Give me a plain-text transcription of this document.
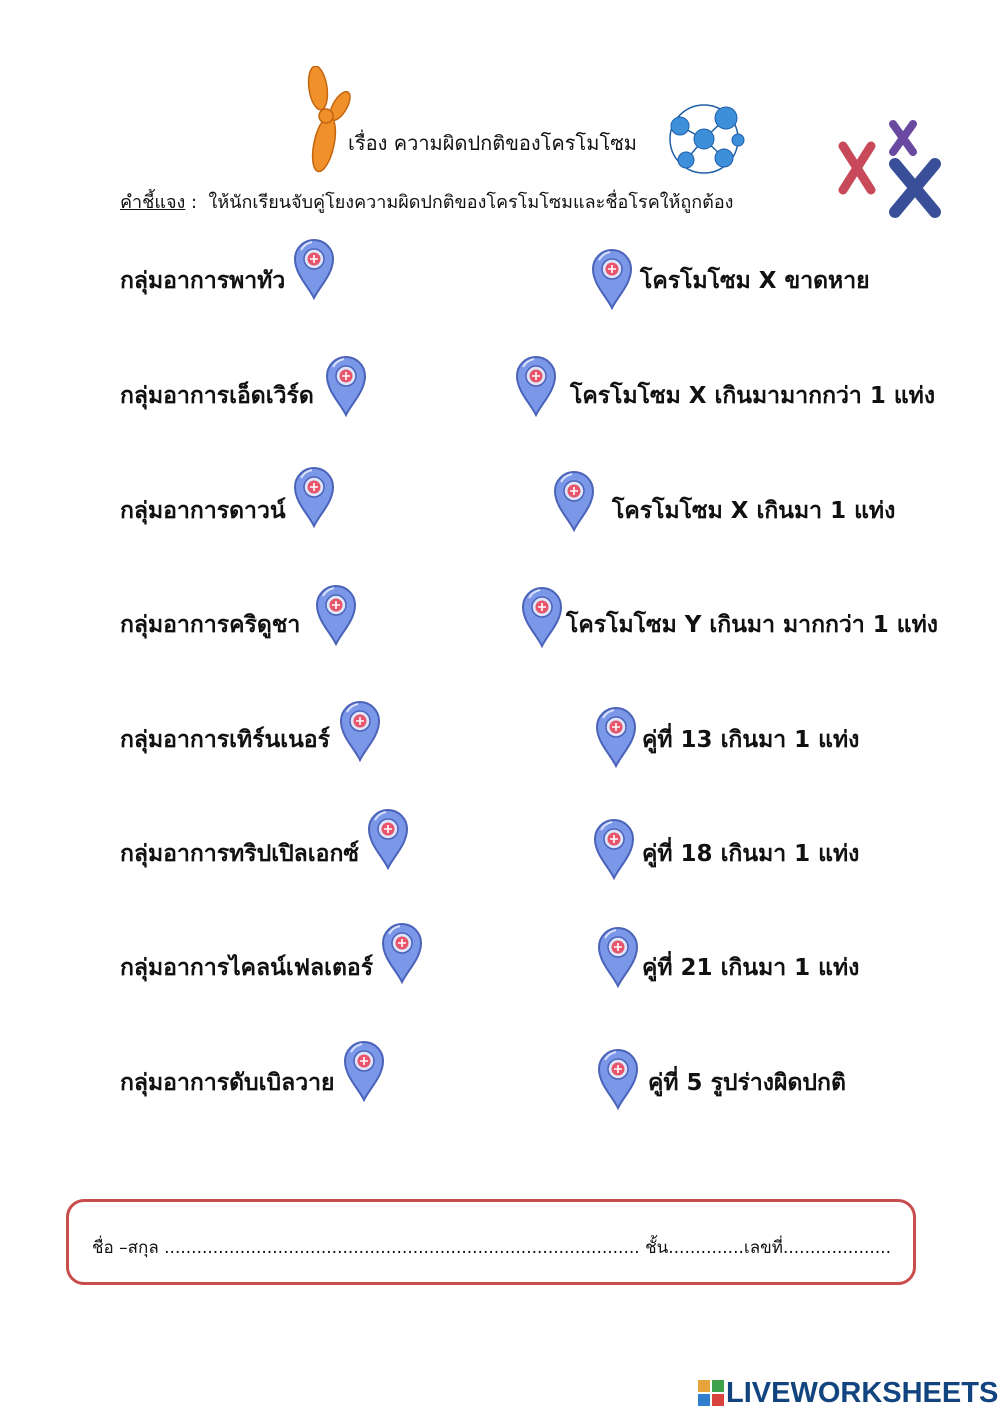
เรื่อง ความผิดปกติของโครโมโซม
คำชี้แจง :  ให้นักเรียนจับคู่โยงความผิดปกติของโครโมโซมและชื่อโรคให้ถูกต้อง
กลุ่มอาการพาทัว
กลุ่มอาการเอ็ดเวิร์ด
กลุ่มอาการดาวน์
กลุ่มอาการคริดูชา
กลุ่มอาการเทิร์นเนอร์
กลุ่มอาการทริปเปิลเอกซ์
กลุ่มอาการไคลน์เฟลเตอร์
กลุ่มอาการดับเบิลวาย
โครโมโซม X ขาดหาย
โครโมโซม X เกินมามากกว่า 1 แท่ง
โครโมโซม X เกินมา 1 แท่ง
โครโมโซม Y เกินมา มากกว่า 1 แท่ง
คู่ที่ 13 เกินมา 1 แท่ง
คู่ที่ 18 เกินมา 1 แท่ง
คู่ที่ 21 เกินมา 1 แท่ง
คู่ที่ 5 รูปร่างผิดปกติ
ชื่อ –สกุล ........................................................................................ ชั้น..............เลขที่....................
LIVEWORKSHEETS
